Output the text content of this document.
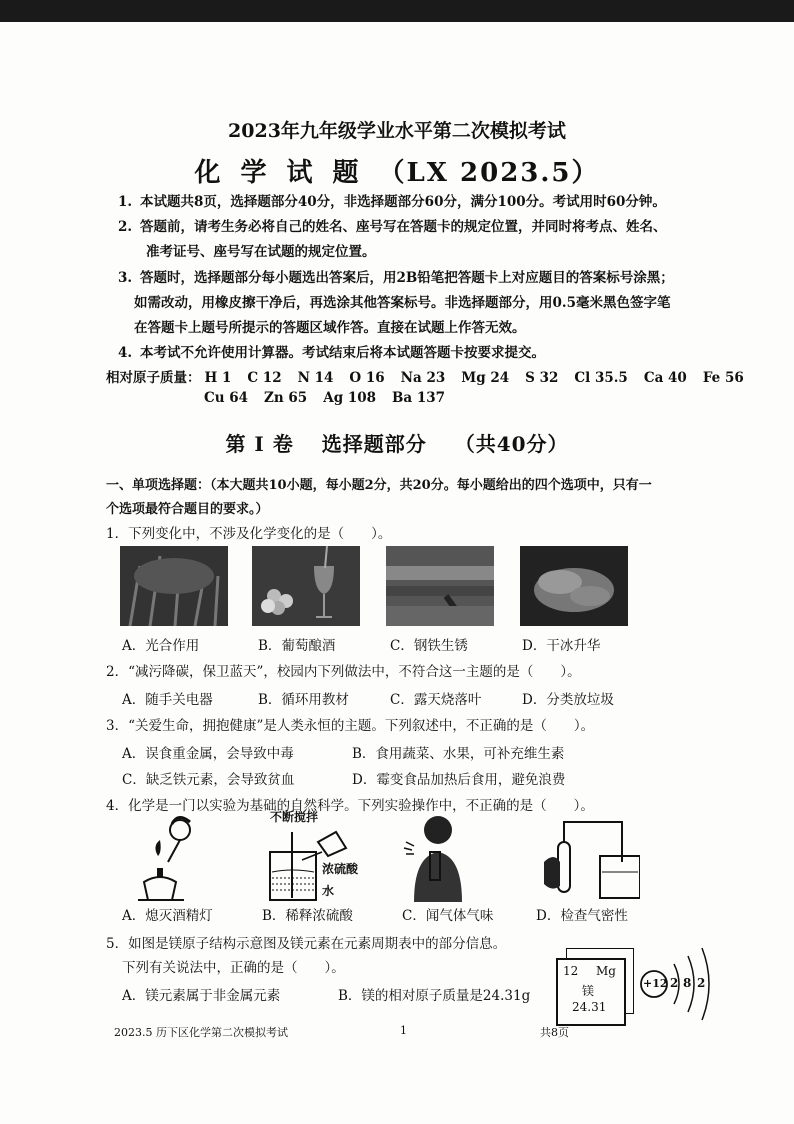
2023年九年级学业水平第二次模拟考试
化学试题（LX 2023.5）
1. 本试题共8页，选择题部分40分，非选择题部分60分，满分100分。考试用时60分钟。
2. 答题前，请考生务必将自己的姓名、座号写在答题卡的规定位置，并同时将考点、姓名、
准考证号、座号写在试题的规定位置。
3. 答题时，选择题部分每小题选出答案后，用2B铅笔把答题卡上对应题目的答案标号涂黑；
如需改动，用橡皮擦干净后，再选涂其他答案标号。非选择题部分，用0.5毫米黑色签字笔
在答题卡上题号所提示的答题区域作答。直接在试题上作答无效。
4. 本考试不允许使用计算器。考试结束后将本试题答题卡按要求提交。
相对原子质量： H 1 C 12 N 14 O 16 Na 23 Mg 24 S 32 Cl 35.5 Ca 40 Fe 56
Cu 64 Zn 65 Ag 108 Ba 137
第 Ⅰ 卷 选择题部分 （共40分）
一、单项选择题：（本大题共10小题，每小题2分，共20分。每小题给出的四个选项中，只有一
个选项最符合题目的要求。）
1．下列变化中，不涉及化学变化的是（　　）。
A．光合作用	B．葡萄酿酒	C．钢铁生锈	D．干冰升华
2．“减污降碳，保卫蓝天”，校园内下列做法中，不符合这一主题的是（　　）。
A．随手关电器	B．循环用教材	C．露天烧落叶	D．分类放垃圾
3．“关爱生命，拥抱健康”是人类永恒的主题。下列叙述中，不正确的是（　　）。
A．误食重金属，会导致中毒	B．食用蔬菜、水果，可补充维生素
C．缺乏铁元素，会导致贫血	D．霉变食品加热后食用，避免浪费
4．化学是一门以实验为基础的自然科学。下列实验操作中，不正确的是（　　）。
不断搅拌
浓硫酸
水
A．熄灭酒精灯	B．稀释浓硫酸	C．闻气体气味	D．检查气密性
5．如图是镁原子结构示意图及镁元素在元素周期表中的部分信息。
下列有关说法中，正确的是（　　）。
A．镁元素属于非金属元素	B．镁的相对原子质量是24.31g
12 Mg
镁
24.31
+12 2 8 2
2023.5 历下区化学第二次模拟考试	1	共8页
